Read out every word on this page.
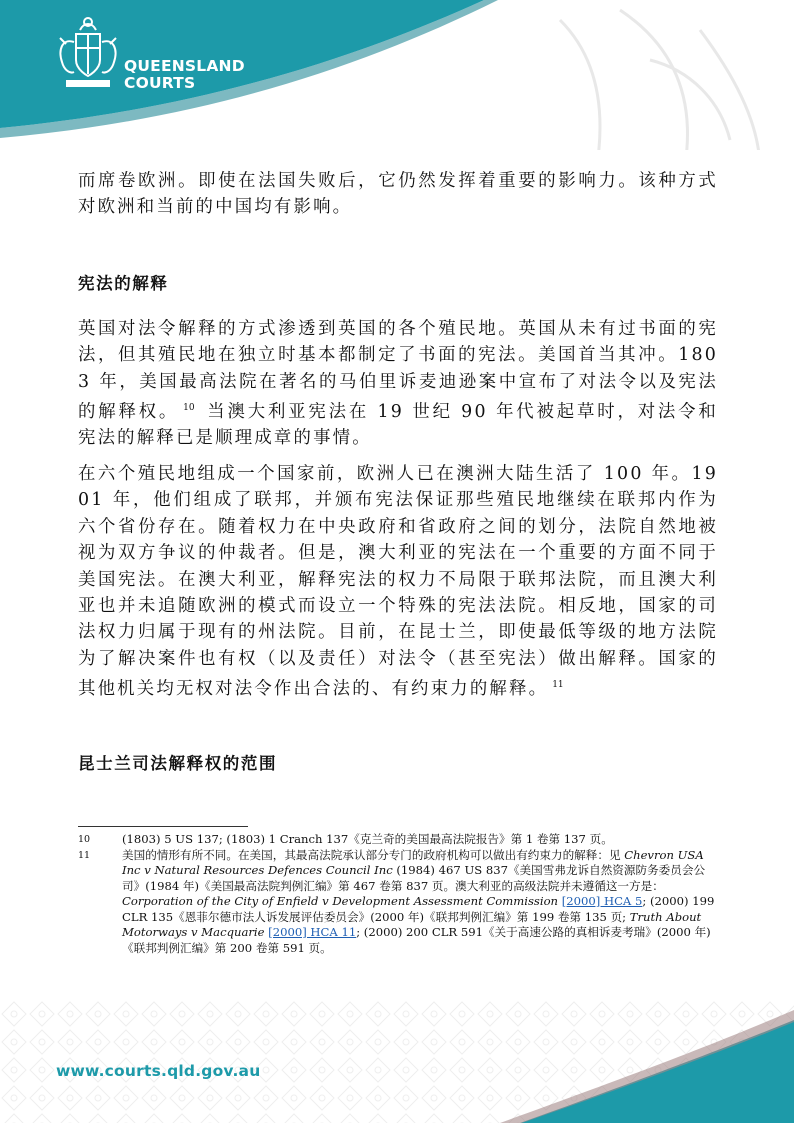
QUEENSLAND
COURTS

而席卷欧洲。即使在法国失败后，它仍然发挥着重要的影响力。该种方式对欧洲和当前的中国均有影响。

宪法的解释

英国对法令解释的方式渗透到英国的各个殖民地。英国从未有过书面的宪法，但其殖民地在独立时基本都制定了书面的宪法。美国首当其冲。1803 年，美国最高法院在著名的马伯里诉麦迪逊案中宣布了对法令以及宪法的解释权。 $^{10}$ 当澳大利亚宪法在 19 世纪 90 年代被起草时，对法令和宪法的解释已是顺理成章的事情。

在六个殖民地组成一个国家前，欧洲人已在澳洲大陆生活了 100 年。1901 年，他们组成了联邦，并颁布宪法保证那些殖民地继续在联邦内作为六个省份存在。随着权力在中央政府和省政府之间的划分，法院自然地被视为双方争议的仲裁者。但是，澳大利亚的宪法在一个重要的方面不同于美国宪法。在澳大利亚，解释宪法的权力不局限于联邦法院，而且澳大利亚也并未追随欧洲的模式而设立一个特殊的宪法法院。相反地，国家的司法权力归属于现有的州法院。目前，在昆士兰，即使最低等级的地方法院为了解决案件也有权（以及责任）对法令（甚至宪法）做出解释。国家的其他机关均无权对法令作出合法的、有约束力的解释。 $^{11}$

昆士兰司法解释权的范围

10	(1803) 5 US 137; (1803) 1 Cranch 137《克兰奇的美国最高法院报告》第 1 卷第 137 页。

11	美国的情形有所不同。在美国，其最高法院承认部分专门的政府机构可以做出有约束力的解释：见 Chevron USA Inc v Natural Resources Defences Council Inc (1984) 467 US 837《美国雪弗龙诉自然资源防务委员会公司》(1984 年)《美国最高法院判例汇编》第 467 卷第 837 页。澳大利亚的高级法院并未遵循这一方是：Corporation of the City of Enfield v Development Assessment Commission [2000] HCA 5; (2000) 199 CLR 135《恩菲尔德市法人诉发展评估委员会》(2000 年)《联邦判例汇编》第 199 卷第 135 页; Truth About Motorways v Macquarie [2000] HCA 11; (2000) 200 CLR 591《关于高速公路的真相诉麦考瑞》(2000 年)《联邦判例汇编》第 200 卷第 591 页。

www.courts.qld.gov.au
